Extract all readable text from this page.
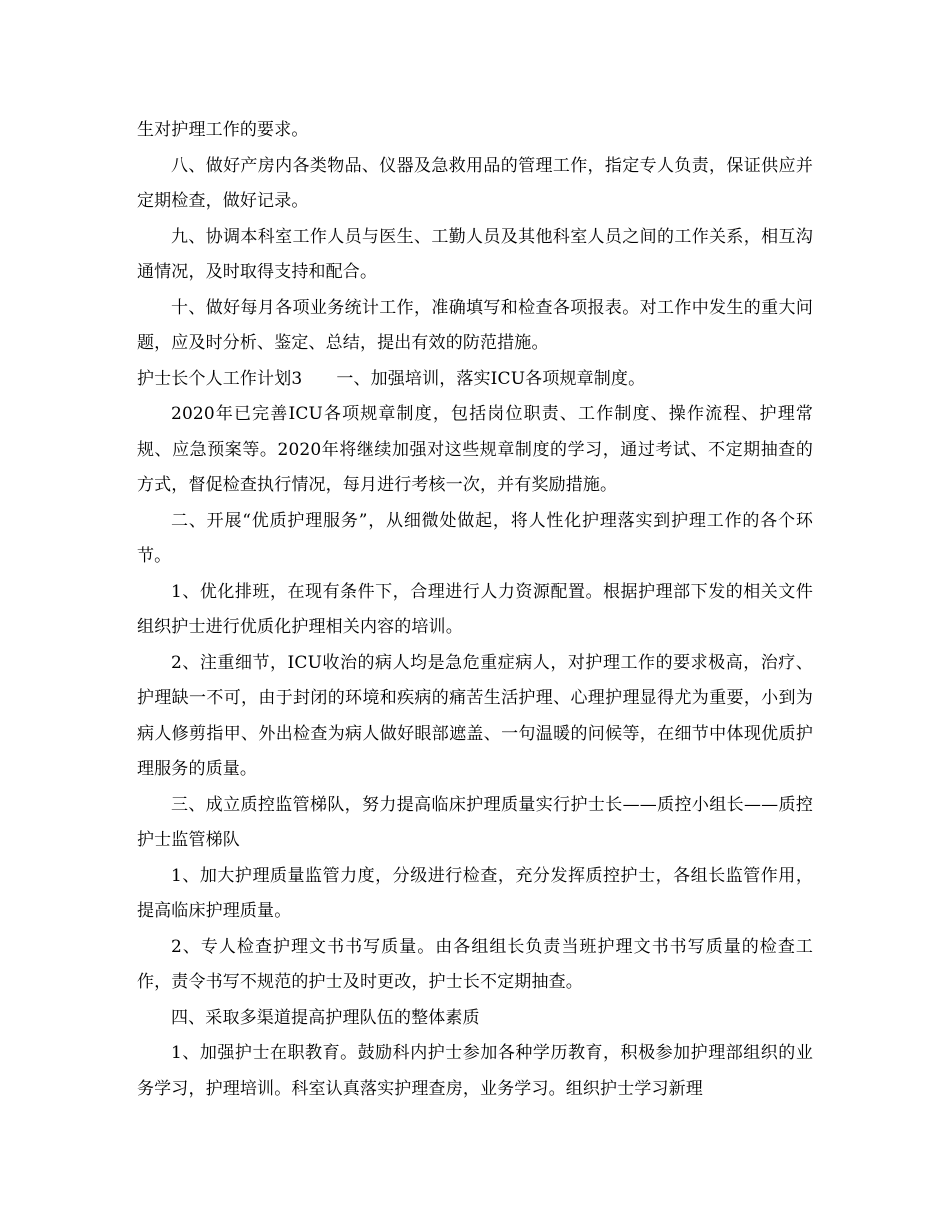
生对护理工作的要求。

八、做好产房内各类物品、仪器及急救用品的管理工作，指定专人负责，保证供应并定期检查，做好记录。

九、协调本科室工作人员与医生、工勤人员及其他科室人员之间的工作关系，相互沟通情况，及时取得支持和配合。

十、做好每月各项业务统计工作，准确填写和检查各项报表。对工作中发生的重大问题，应及时分析、鉴定、总结，提出有效的防范措施。

护士长个人工作计划3 一、加强培训，落实ICU各项规章制度。

2020年已完善ICU各项规章制度，包括岗位职责、工作制度、操作流程、护理常规、应急预案等。2020年将继续加强对这些规章制度的学习，通过考试、不定期抽查的方式，督促检查执行情况，每月进行考核一次，并有奖励措施。

二、开展“优质护理服务”，从细微处做起，将人性化护理落实到护理工作的各个环节。

1、优化排班，在现有条件下，合理进行人力资源配置。根据护理部下发的相关文件组织护士进行优质化护理相关内容的培训。

2、注重细节，ICU收治的病人均是急危重症病人，对护理工作的要求极高，治疗、护理缺一不可，由于封闭的环境和疾病的痛苦生活护理、心理护理显得尤为重要，小到为病人修剪指甲、外出检查为病人做好眼部遮盖、一句温暖的问候等，在细节中体现优质护理服务的质量。

三、成立质控监管梯队，努力提高临床护理质量实行护士长——质控小组长——质控护士监管梯队

1、加大护理质量监管力度，分级进行检查，充分发挥质控护士，各组长监管作用，提高临床护理质量。

2、专人检查护理文书书写质量。由各组组长负责当班护理文书书写质量的检查工作，责令书写不规范的护士及时更改，护士长不定期抽查。

四、采取多渠道提高护理队伍的整体素质

1、加强护士在职教育。鼓励科内护士参加各种学历教育，积极参加护理部组织的业务学习，护理培训。科室认真落实护理查房，业务学习。组织护士学习新理
